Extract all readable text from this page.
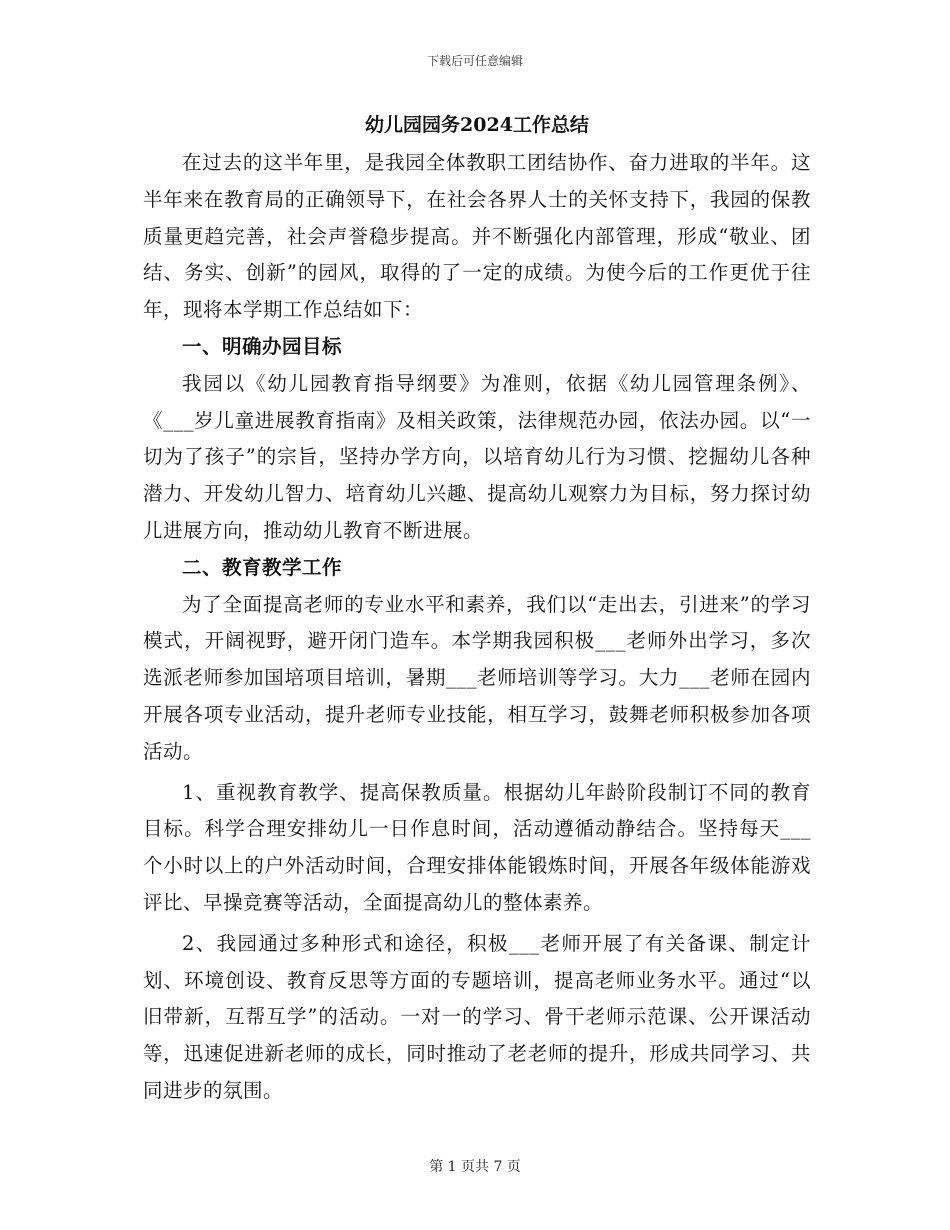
下载后可任意编辑
幼儿园园务2024工作总结

在过去的这半年里，是我园全体教职工团结协作、奋力进取的半年。这半年来在教育局的正确领导下，在社会各界人士的关怀支持下，我园的保教质量更趋完善，社会声誉稳步提高。并不断强化内部管理，形成“敬业、团结、务实、创新”的园风，取得的了一定的成绩。为使今后的工作更优于往年，现将本学期工作总结如下：

一、明确办园目标

我园以《幼儿园教育指导纲要》为准则，依据《幼儿园管理条例》、《___岁儿童进展教育指南》及相关政策，法律规范办园，依法办园。以“一切为了孩子”的宗旨，坚持办学方向，以培育幼儿行为习惯、挖掘幼儿各种潜力、开发幼儿智力、培育幼儿兴趣、提高幼儿观察力为目标，努力探讨幼儿进展方向，推动幼儿教育不断进展。

二、教育教学工作

为了全面提高老师的专业水平和素养，我们以“走出去，引进来”的学习模式，开阔视野，避开闭门造车。本学期我园积极___老师外出学习，多次选派老师参加国培项目培训，暑期___老师培训等学习。大力___老师在园内开展各项专业活动，提升老师专业技能，相互学习，鼓舞老师积极参加各项活动。

1、重视教育教学、提高保教质量。根据幼儿年龄阶段制订不同的教育目标。科学合理安排幼儿一日作息时间，活动遵循动静结合。坚持每天___个小时以上的户外活动时间，合理安排体能锻炼时间，开展各年级体能游戏评比、早操竞赛等活动，全面提高幼儿的整体素养。

2、我园通过多种形式和途径，积极___老师开展了有关备课、制定计划、环境创设、教育反思等方面的专题培训，提高老师业务水平。通过“以旧带新，互帮互学”的活动。一对一的学习、骨干老师示范课、公开课活动等，迅速促进新老师的成长，同时推动了老老师的提升，形成共同学习、共同进步的氛围。

第 1 页共 7 页
